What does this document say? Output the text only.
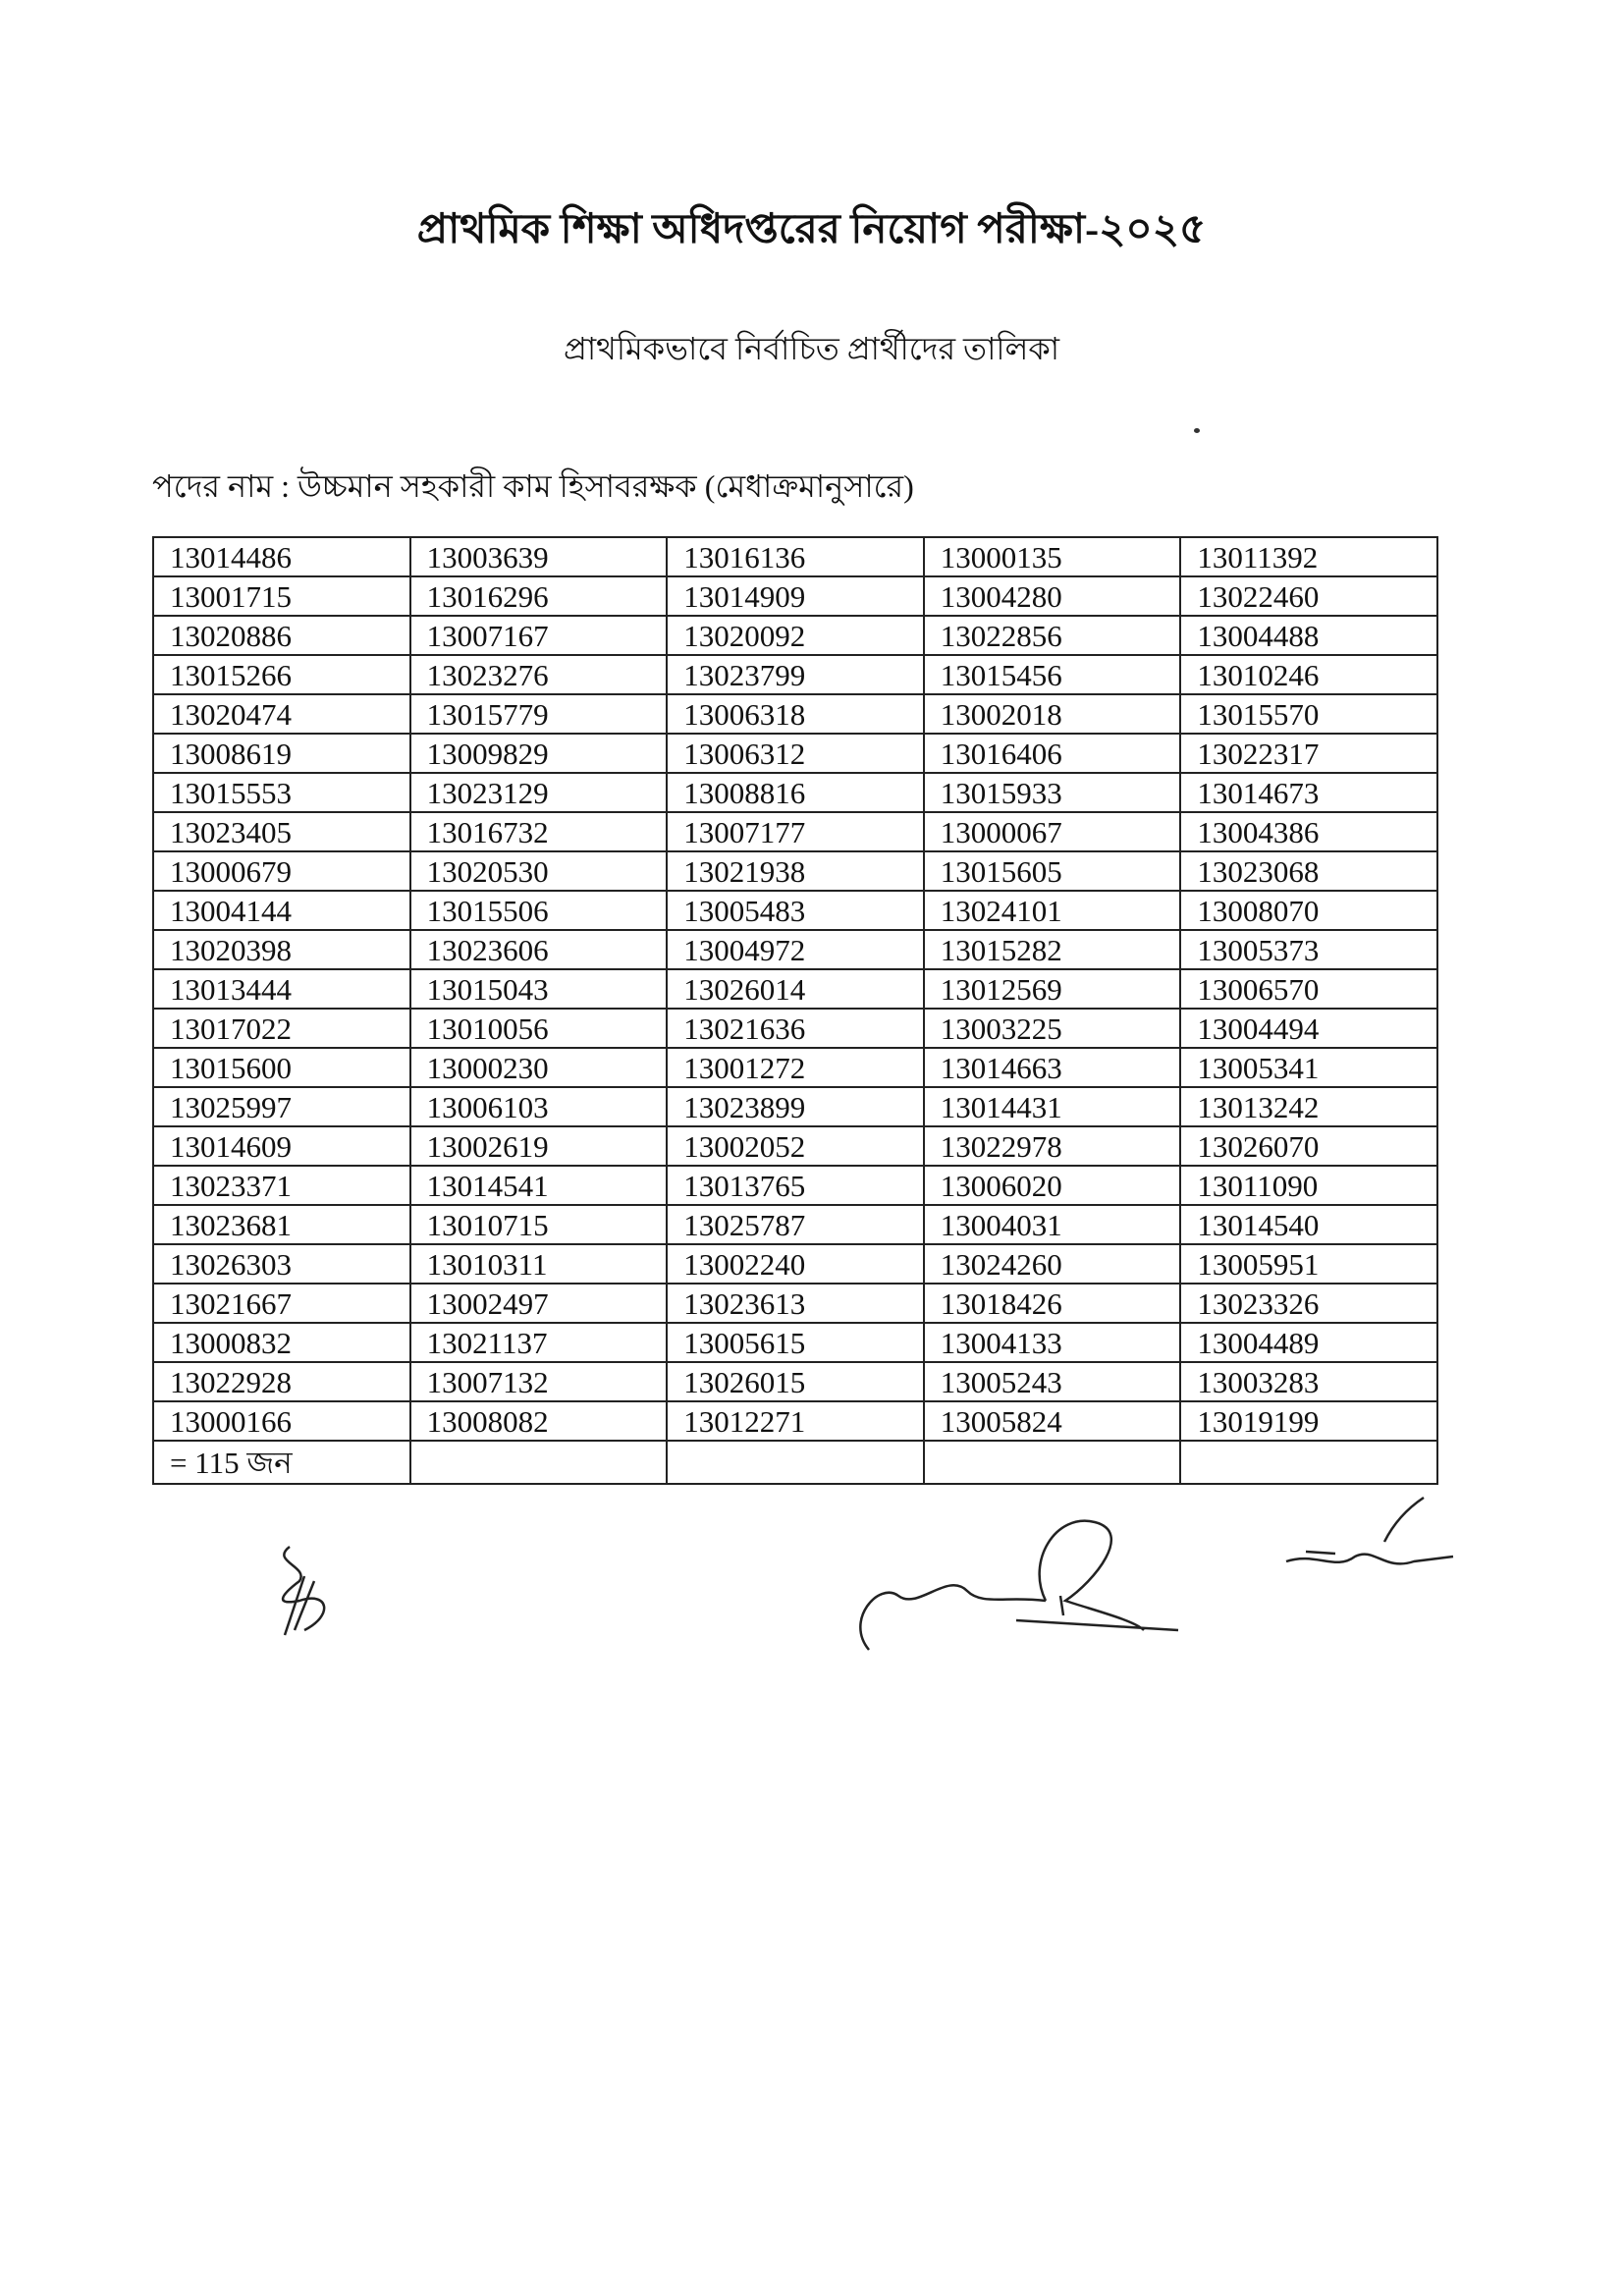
প্রাথমিক শিক্ষা অধিদপ্তরের নিয়োগ পরীক্ষা-২০২৫
প্রাথমিকভাবে নির্বাচিত প্রার্থীদের তালিকা
পদের নাম : উচ্চমান সহকারী কাম হিসাবরক্ষক (মেধাক্রমানুসারে)
13014486	13003639	13016136	13000135	13011392
13001715	13016296	13014909	13004280	13022460
13020886	13007167	13020092	13022856	13004488
13015266	13023276	13023799	13015456	13010246
13020474	13015779	13006318	13002018	13015570
13008619	13009829	13006312	13016406	13022317
13015553	13023129	13008816	13015933	13014673
13023405	13016732	13007177	13000067	13004386
13000679	13020530	13021938	13015605	13023068
13004144	13015506	13005483	13024101	13008070
13020398	13023606	13004972	13015282	13005373
13013444	13015043	13026014	13012569	13006570
13017022	13010056	13021636	13003225	13004494
13015600	13000230	13001272	13014663	13005341
13025997	13006103	13023899	13014431	13013242
13014609	13002619	13002052	13022978	13026070
13023371	13014541	13013765	13006020	13011090
13023681	13010715	13025787	13004031	13014540
13026303	13010311	13002240	13024260	13005951
13021667	13002497	13023613	13018426	13023326
13000832	13021137	13005615	13004133	13004489
13022928	13007132	13026015	13005243	13003283
13000166	13008082	13012271	13005824	13019199
= 115 জন				
